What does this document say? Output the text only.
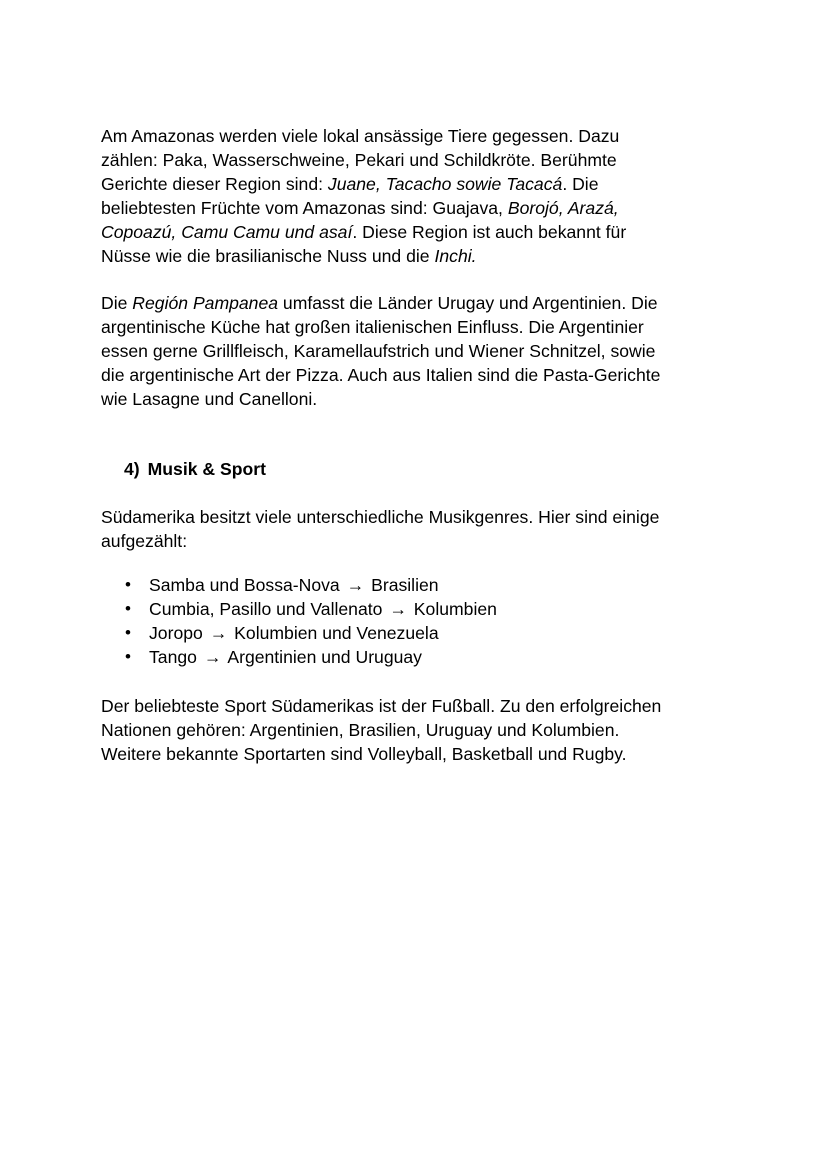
Am Amazonas werden viele lokal ansässige Tiere gegessen. Dazu
zählen: Paka, Wasserschweine, Pekari und Schildkröte. Berühmte
Gerichte dieser Region sind: Juane, Tacacho sowie Tacacá. Die
beliebtesten Früchte vom Amazonas sind: Guajava, Borojó, Arazá,
Copoazú, Camu Camu und asaí. Diese Region ist auch bekannt für
Nüsse wie die brasilianische Nuss und die Inchi.
Die Región Pampanea umfasst die Länder Urugay und Argentinien. Die
argentinische Küche hat großen italienischen Einfluss. Die Argentinier
essen gerne Grillfleisch, Karamellaufstrich und Wiener Schnitzel, sowie
die argentinische Art der Pizza. Auch aus Italien sind die Pasta-Gerichte
wie Lasagne und Canelloni.
4) Musik & Sport
Südamerika besitzt viele unterschiedliche Musikgenres. Hier sind einige
aufgezählt:
• Samba und Bossa-Nova → Brasilien
• Cumbia, Pasillo und Vallenato → Kolumbien
• Joropo → Kolumbien und Venezuela
• Tango → Argentinien und Uruguay
Der beliebteste Sport Südamerikas ist der Fußball. Zu den erfolgreichen
Nationen gehören: Argentinien, Brasilien, Uruguay und Kolumbien.
Weitere bekannte Sportarten sind Volleyball, Basketball und Rugby.
